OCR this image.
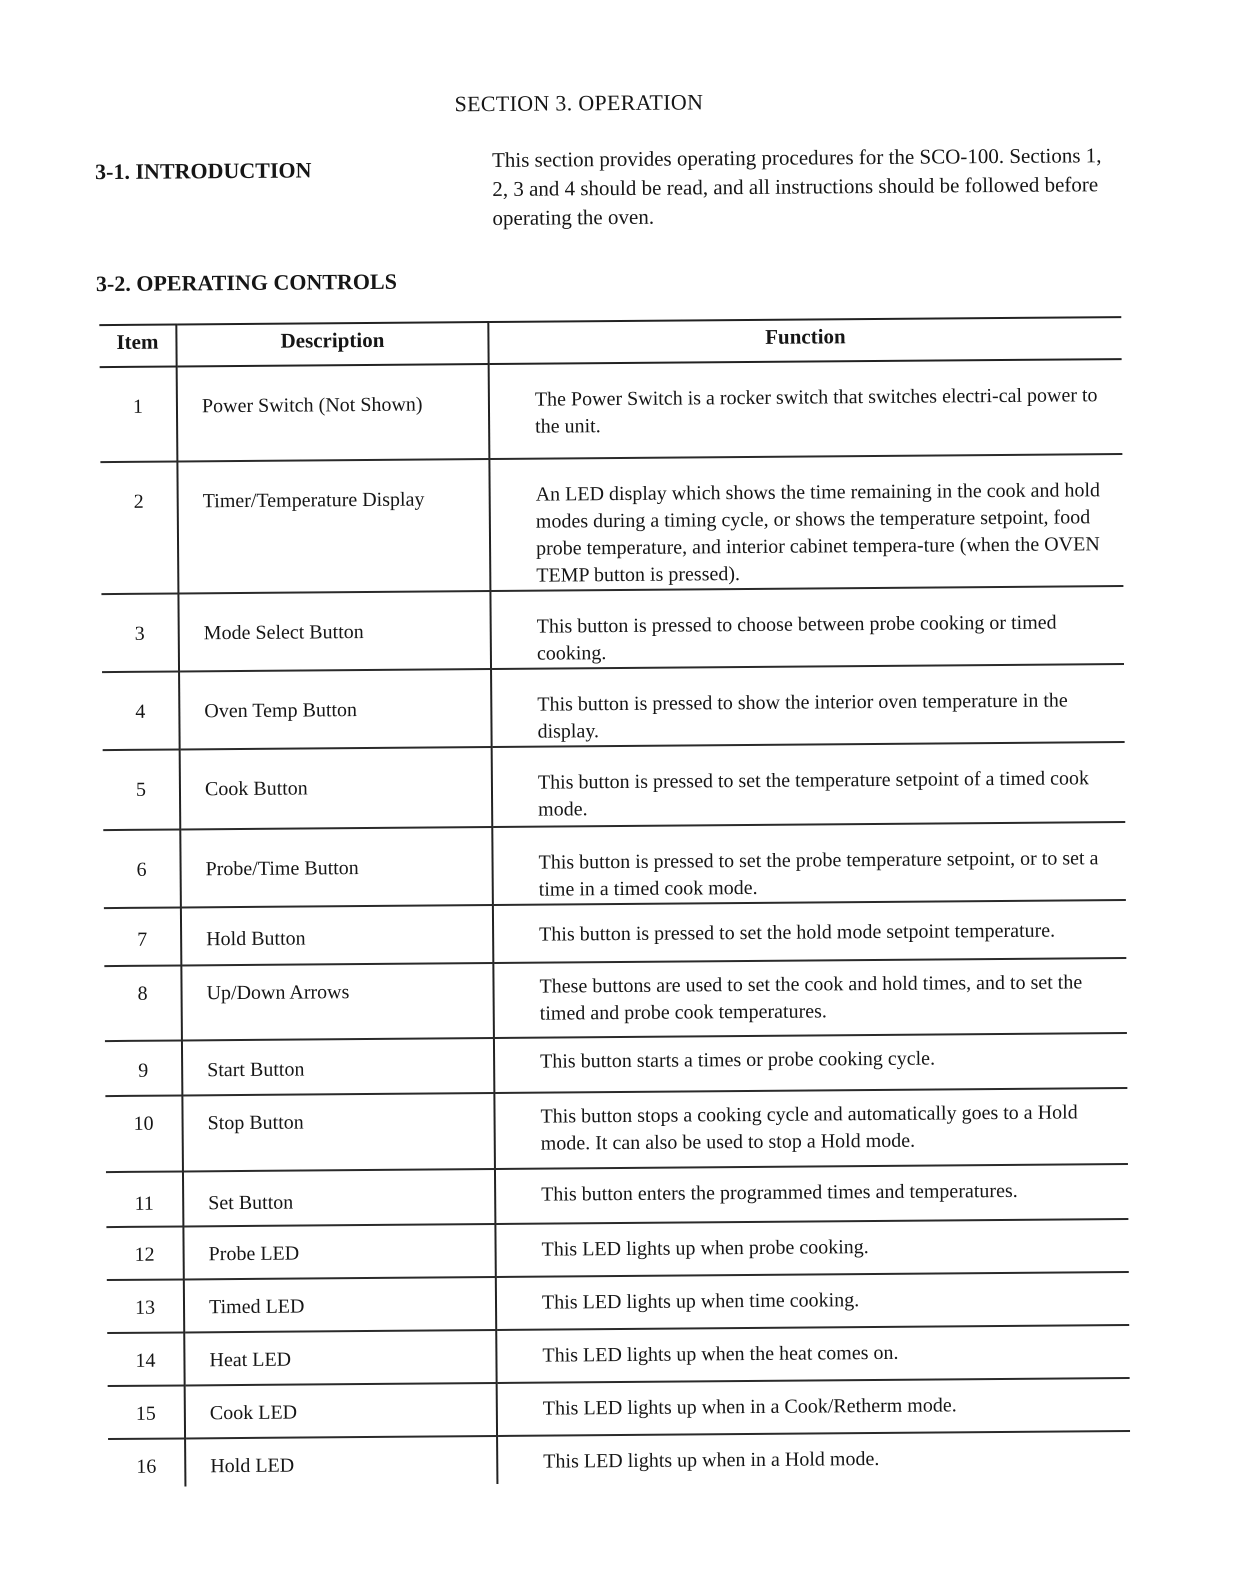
SECTION 3. OPERATION
3-1. INTRODUCTION	This section provides operating procedures for the SCO-100. Sections 1, 2, 3 and 4 should be read, and all instructions should be followed before operating the oven.
3-2. OPERATING CONTROLS
Item	Description	Function
1	Power Switch (Not Shown)	The Power Switch is a rocker switch that switches electri-cal power to the unit.
2	Timer/Temperature Display	An LED display which shows the time remaining in the cook and hold modes during a timing cycle, or shows the temperature setpoint, food probe temperature, and interior cabinet tempera-ture (when the OVEN TEMP button is pressed).
3	Mode Select Button	This button is pressed to choose between probe cooking or timed cooking.
4	Oven Temp Button	This button is pressed to show the interior oven temperature in the display.
5	Cook Button	This button is pressed to set the temperature setpoint of a timed cook mode.
6	Probe/Time Button	This button is pressed to set the probe temperature setpoint, or to set a time in a timed cook mode.
7	Hold Button	This button is pressed to set the hold mode setpoint temperature.
8	Up/Down Arrows	These buttons are used to set the cook and hold times, and to set the timed and probe cook temperatures.
9	Start Button	This button starts a times or probe cooking cycle.
10	Stop Button	This button stops a cooking cycle and automatically goes to a Hold mode. It can also be used to stop a Hold mode.
11	Set Button	This button enters the programmed times and temperatures.
12	Probe LED	This LED lights up when probe cooking.
13	Timed LED	This LED lights up when time cooking.
14	Heat LED	This LED lights up when the heat comes on.
15	Cook LED	This LED lights up when in a Cook/Retherm mode.
16	Hold LED	This LED lights up when in a Hold mode.
